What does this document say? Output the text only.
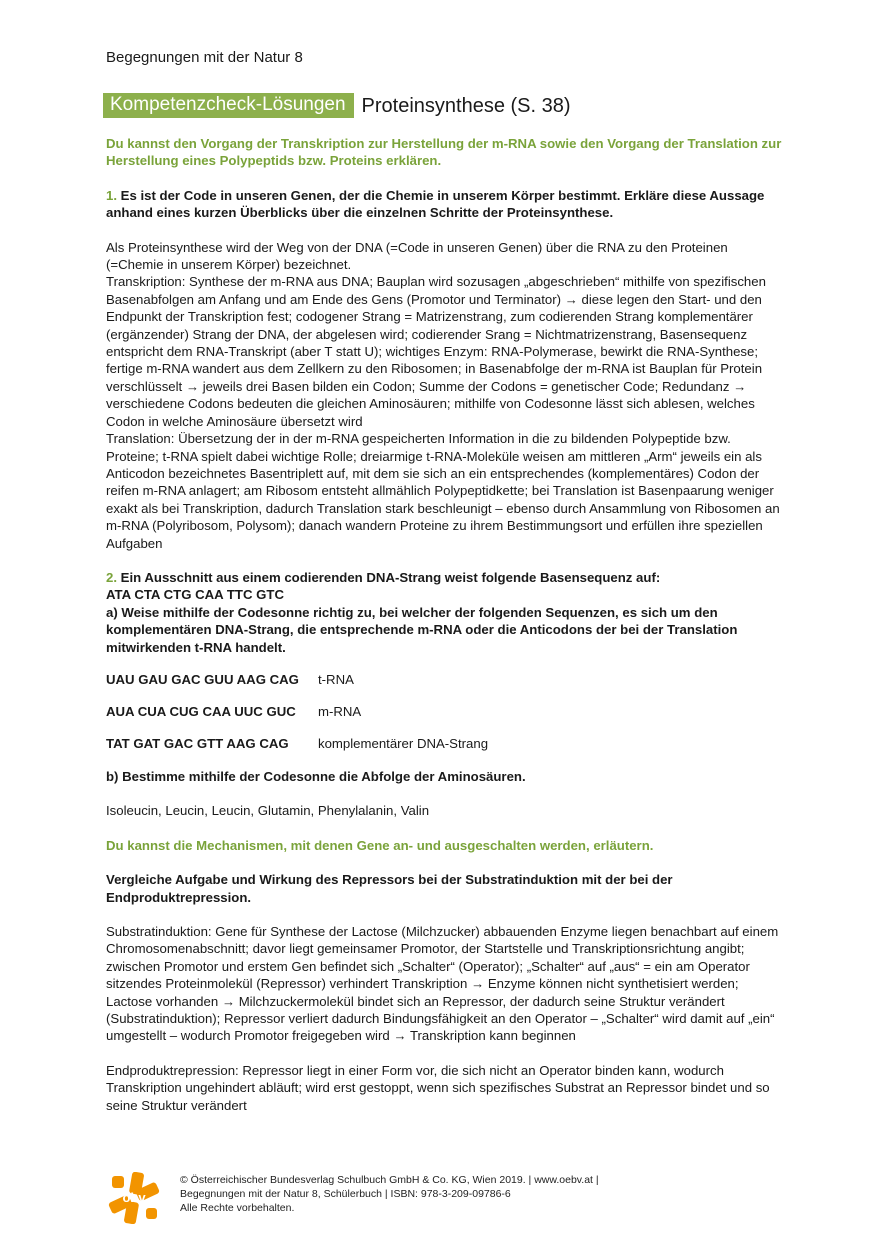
Begegnungen mit der Natur 8
Kompetenzcheck-Lösungen Proteinsynthese (S. 38)

Du kannst den Vorgang der Transkription zur Herstellung der m-RNA sowie den Vorgang der Translation zur Herstellung eines Polypeptids bzw. Proteins erklären.

1. Es ist der Code in unseren Genen, der die Chemie in unserem Körper bestimmt. Erkläre diese Aussage anhand eines kurzen Überblicks über die einzelnen Schritte der Proteinsynthese.

Als Proteinsynthese wird der Weg von der DNA (=Code in unseren Genen) über die RNA zu den Proteinen (=Chemie in unserem Körper) bezeichnet.

Transkription: Synthese der m-RNA aus DNA; Bauplan wird sozusagen „abgeschrieben“ mithilfe von spezifischen Basenabfolgen am Anfang und am Ende des Gens (Promotor und Terminator) → diese legen den Start- und den Endpunkt der Transkription fest; codogener Strang = Matrizenstrang, zum codierenden Strang komplementärer (ergänzender) Strang der DNA, der abgelesen wird; codierender Srang = Nichtmatrizenstrang, Basensequenz entspricht dem RNA-Transkript (aber T statt U); wichtiges Enzym: RNA-Polymerase, bewirkt die RNA-Synthese; fertige m-RNA wandert aus dem Zellkern zu den Ribosomen; in Basenabfolge der m-RNA ist Bauplan für Protein verschlüsselt → jeweils drei Basen bilden ein Codon; Summe der Codons = genetischer Code; Redundanz → verschiedene Codons bedeuten die gleichen Aminosäuren; mithilfe von Codesonne lässt sich ablesen, welches Codon in welche Aminosäure übersetzt wird

Translation: Übersetzung der in der m-RNA gespeicherten Information in die zu bildenden Polypeptide bzw. Proteine; t-RNA spielt dabei wichtige Rolle; dreiarmige t-RNA-Moleküle weisen am mittleren „Arm“ jeweils ein als Anticodon bezeichnetes Basentriplett auf, mit dem sie sich an ein entsprechendes (komplementäres) Codon der reifen m-RNA anlagert; am Ribosom entsteht allmählich Polypeptidkette; bei Translation ist Basenpaarung weniger exakt als bei Transkription, dadurch Translation stark beschleunigt – ebenso durch Ansammlung von Ribosomen an m-RNA (Polyribosom, Polysom); danach wandern Proteine zu ihrem Bestimmungsort und erfüllen ihre speziellen Aufgaben

2. Ein Ausschnitt aus einem codierenden DNA-Strang weist folgende Basensequenz auf:

ATA CTA CTG CAA TTC GTC

a) Weise mithilfe der Codesonne richtig zu, bei welcher der folgenden Sequenzen, es sich um den komplementären DNA-Strang, die entsprechende m-RNA oder die Anticodons der bei der Translation mitwirkenden t-RNA handelt.

UAU GAU GAC GUU AAG CAG	t-RNA
AUA CUA CUG CAA UUC GUC	m-RNA
TAT GAT GAC GTT AAG CAG	komplementärer DNA-Strang

b) Bestimme mithilfe der Codesonne die Abfolge der Aminosäuren.

Isoleucin, Leucin, Leucin, Glutamin, Phenylalanin, Valin

Du kannst die Mechanismen, mit denen Gene an- und ausgeschalten werden, erläutern.

Vergleiche Aufgabe und Wirkung des Repressors bei der Substratinduktion mit der bei der Endproduktrepression.

Substratinduktion: Gene für Synthese der Lactose (Milchzucker) abbauenden Enzyme liegen benachbart auf einem Chromosomenabschnitt; davor liegt gemeinsamer Promotor, der Startstelle und Transkriptionsrichtung angibt; zwischen Promotor und erstem Gen befindet sich „Schalter“ (Operator); „Schalter“ auf „aus“ = ein am Operator sitzendes Proteinmolekül (Repressor) verhindert Transkription → Enzyme können nicht synthetisiert werden; Lactose vorhanden → Milchzuckermolekül bindet sich an Repressor, der dadurch seine Struktur verändert (Substratinduktion); Repressor verliert dadurch Bindungsfähigkeit an den Operator – „Schalter“ wird damit auf „ein“ umgestellt – wodurch Promotor freigegeben wird → Transkription kann beginnen

Endproduktrepression: Repressor liegt in einer Form vor, die sich nicht an Operator binden kann, wodurch Transkription ungehindert abläuft; wird erst gestoppt, wenn sich spezifisches Substrat an Repressor bindet und so seine Struktur verändert

öbv
© Österreichischer Bundesverlag Schulbuch GmbH & Co. KG, Wien 2019. | www.oebv.at |
Begegnungen mit der Natur 8, Schülerbuch | ISBN: 978-3-209-09786-6
Alle Rechte vorbehalten.
